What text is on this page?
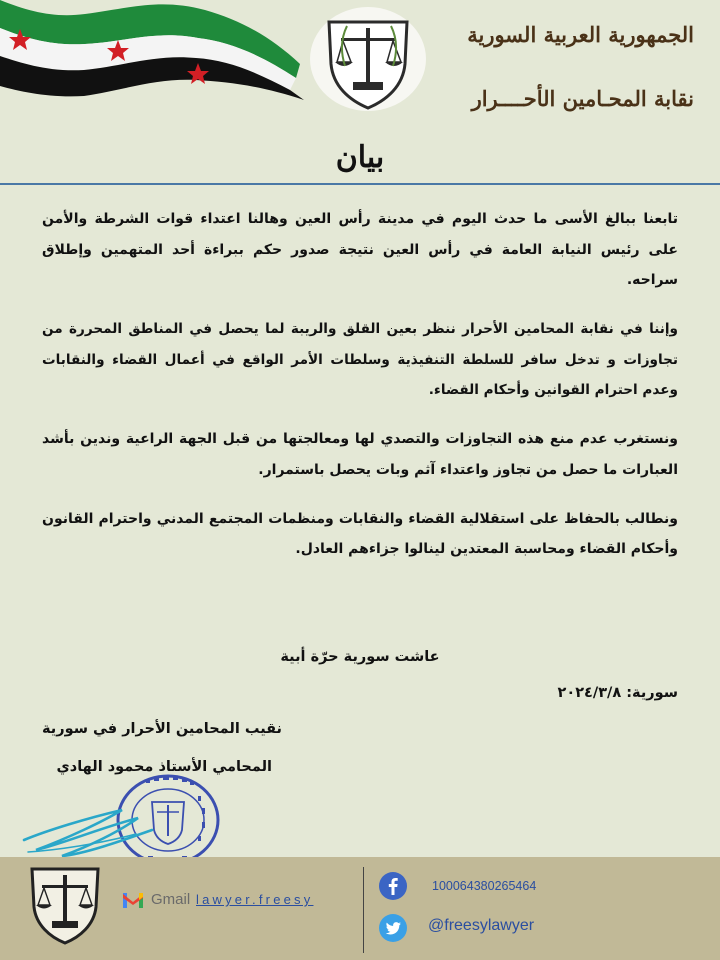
الجمهورية العربية السورية
نقابة المحـامين الأحــــرار
بيان

تابعنا ببالغ الأسى ما حدث اليوم في مدينة رأس العين وهالنا اعتداء قوات الشرطة والأمن على رئيس النيابة العامة في رأس العين نتيجة صدور حكم ببراءة أحد المتهمين وإطلاق سراحه.

وإننا في نقابة المحامين الأحرار ننظر بعين القلق والريبة لما يحصل في المناطق المحررة من تجاوزات و تدخل سافر للسلطة التنفيذية وسلطات الأمر الواقع في أعمال القضاء والنقابات وعدم احترام القوانين وأحكام القضاء.

ونستغرب عدم منع هذه التجاوزات والتصدي لها ومعالجتها من قبل الجهة الراعية وندين بأشد العبارات ما حصل من تجاوز واعتداء آثم وبات يحصل باستمرار.

ونطالب بالحفاظ على استقلالية القضاء والنقابات ومنظمات المجتمع المدني واحترام القانون وأحكام القضاء ومحاسبة المعتدين لينالوا جزاءهم العادل.

عاشت سورية حرّة أبية
سورية: ٢٠٢٤/٣/٨
نقيب المحامين الأحرار في سورية
المحامي الأستاذ محمود الهادي
Gmail lawyer.freesy
100064380265464
@freesylawyer
